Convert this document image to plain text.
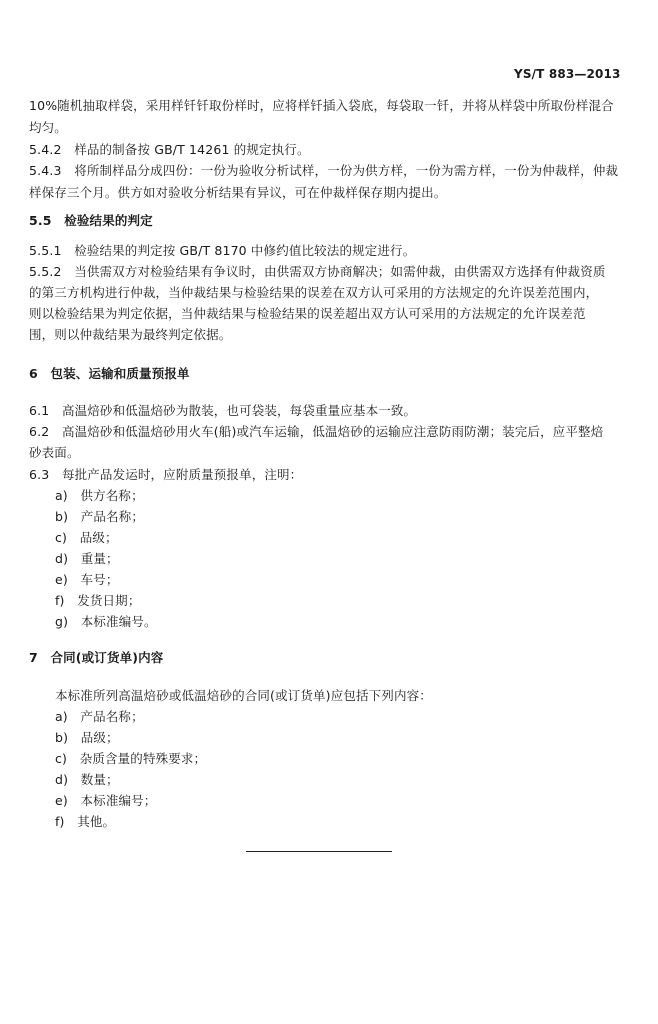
YS/T 883—2013

10%随机抽取样袋，采用样钎钎取份样时，应将样钎插入袋底，每袋取一钎，并将从样袋中所取份样混合

均匀。

5.4.2　样品的制备按 GB/T 14261 的规定执行。

5.4.3　将所制样品分成四份：一份为验收分析试样，一份为供方样，一份为需方样，一份为仲裁样，仲裁

样保存三个月。供方如对验收分析结果有异议，可在仲裁样保存期内提出。

5.5　检验结果的判定

5.5.1　检验结果的判定按 GB/T 8170 中修约值比较法的规定进行。

5.5.2　当供需双方对检验结果有争议时，由供需双方协商解决；如需仲裁，由供需双方选择有仲裁资质

的第三方机构进行仲裁，当仲裁结果与检验结果的误差在双方认可采用的方法规定的允许误差范围内，

则以检验结果为判定依据，当仲裁结果与检验结果的误差超出双方认可采用的方法规定的允许误差范

围，则以仲裁结果为最终判定依据。

6　包装、运输和质量预报单

6.1　高温焙砂和低温焙砂为散装，也可袋装，每袋重量应基本一致。

6.2　高温焙砂和低温焙砂用火车(船)或汽车运输，低温焙砂的运输应注意防雨防潮；装完后，应平整焙

砂表面。

6.3　每批产品发运时，应附质量预报单，注明：

a)　供方名称；

b)　产品名称；

c)　品级；

d)　重量；

e)　车号；

f)　发货日期；

g)　本标准编号。

7　合同(或订货单)内容

本标准所列高温焙砂或低温焙砂的合同(或订货单)应包括下列内容：

a)　产品名称；

b)　品级；

c)　杂质含量的特殊要求；

d)　数量；

e)　本标准编号；

f)　其他。
